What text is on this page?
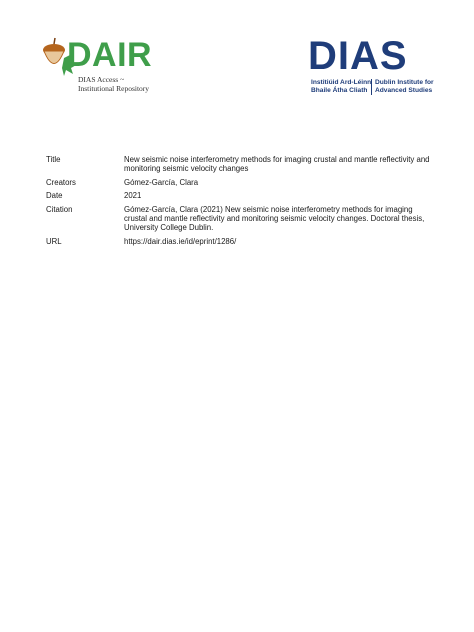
DAIR
DIAS Access ~
Institutional Repository
DIAS
Institiúid Ard-Léinn
Bhaile Átha Cliath
Dublin Institute for
Advanced Studies
Title	New seismic noise interferometry methods for imaging crustal and mantle reflectivity and monitoring seismic velocity changes
Creators	Gómez-García, Clara
Date	2021
Citation	Gómez-García, Clara (2021) New seismic noise interferometry methods for imaging crustal and mantle reflectivity and monitoring seismic velocity changes. Doctoral thesis, University College Dublin.
URL	https://dair.dias.ie/id/eprint/1286/
